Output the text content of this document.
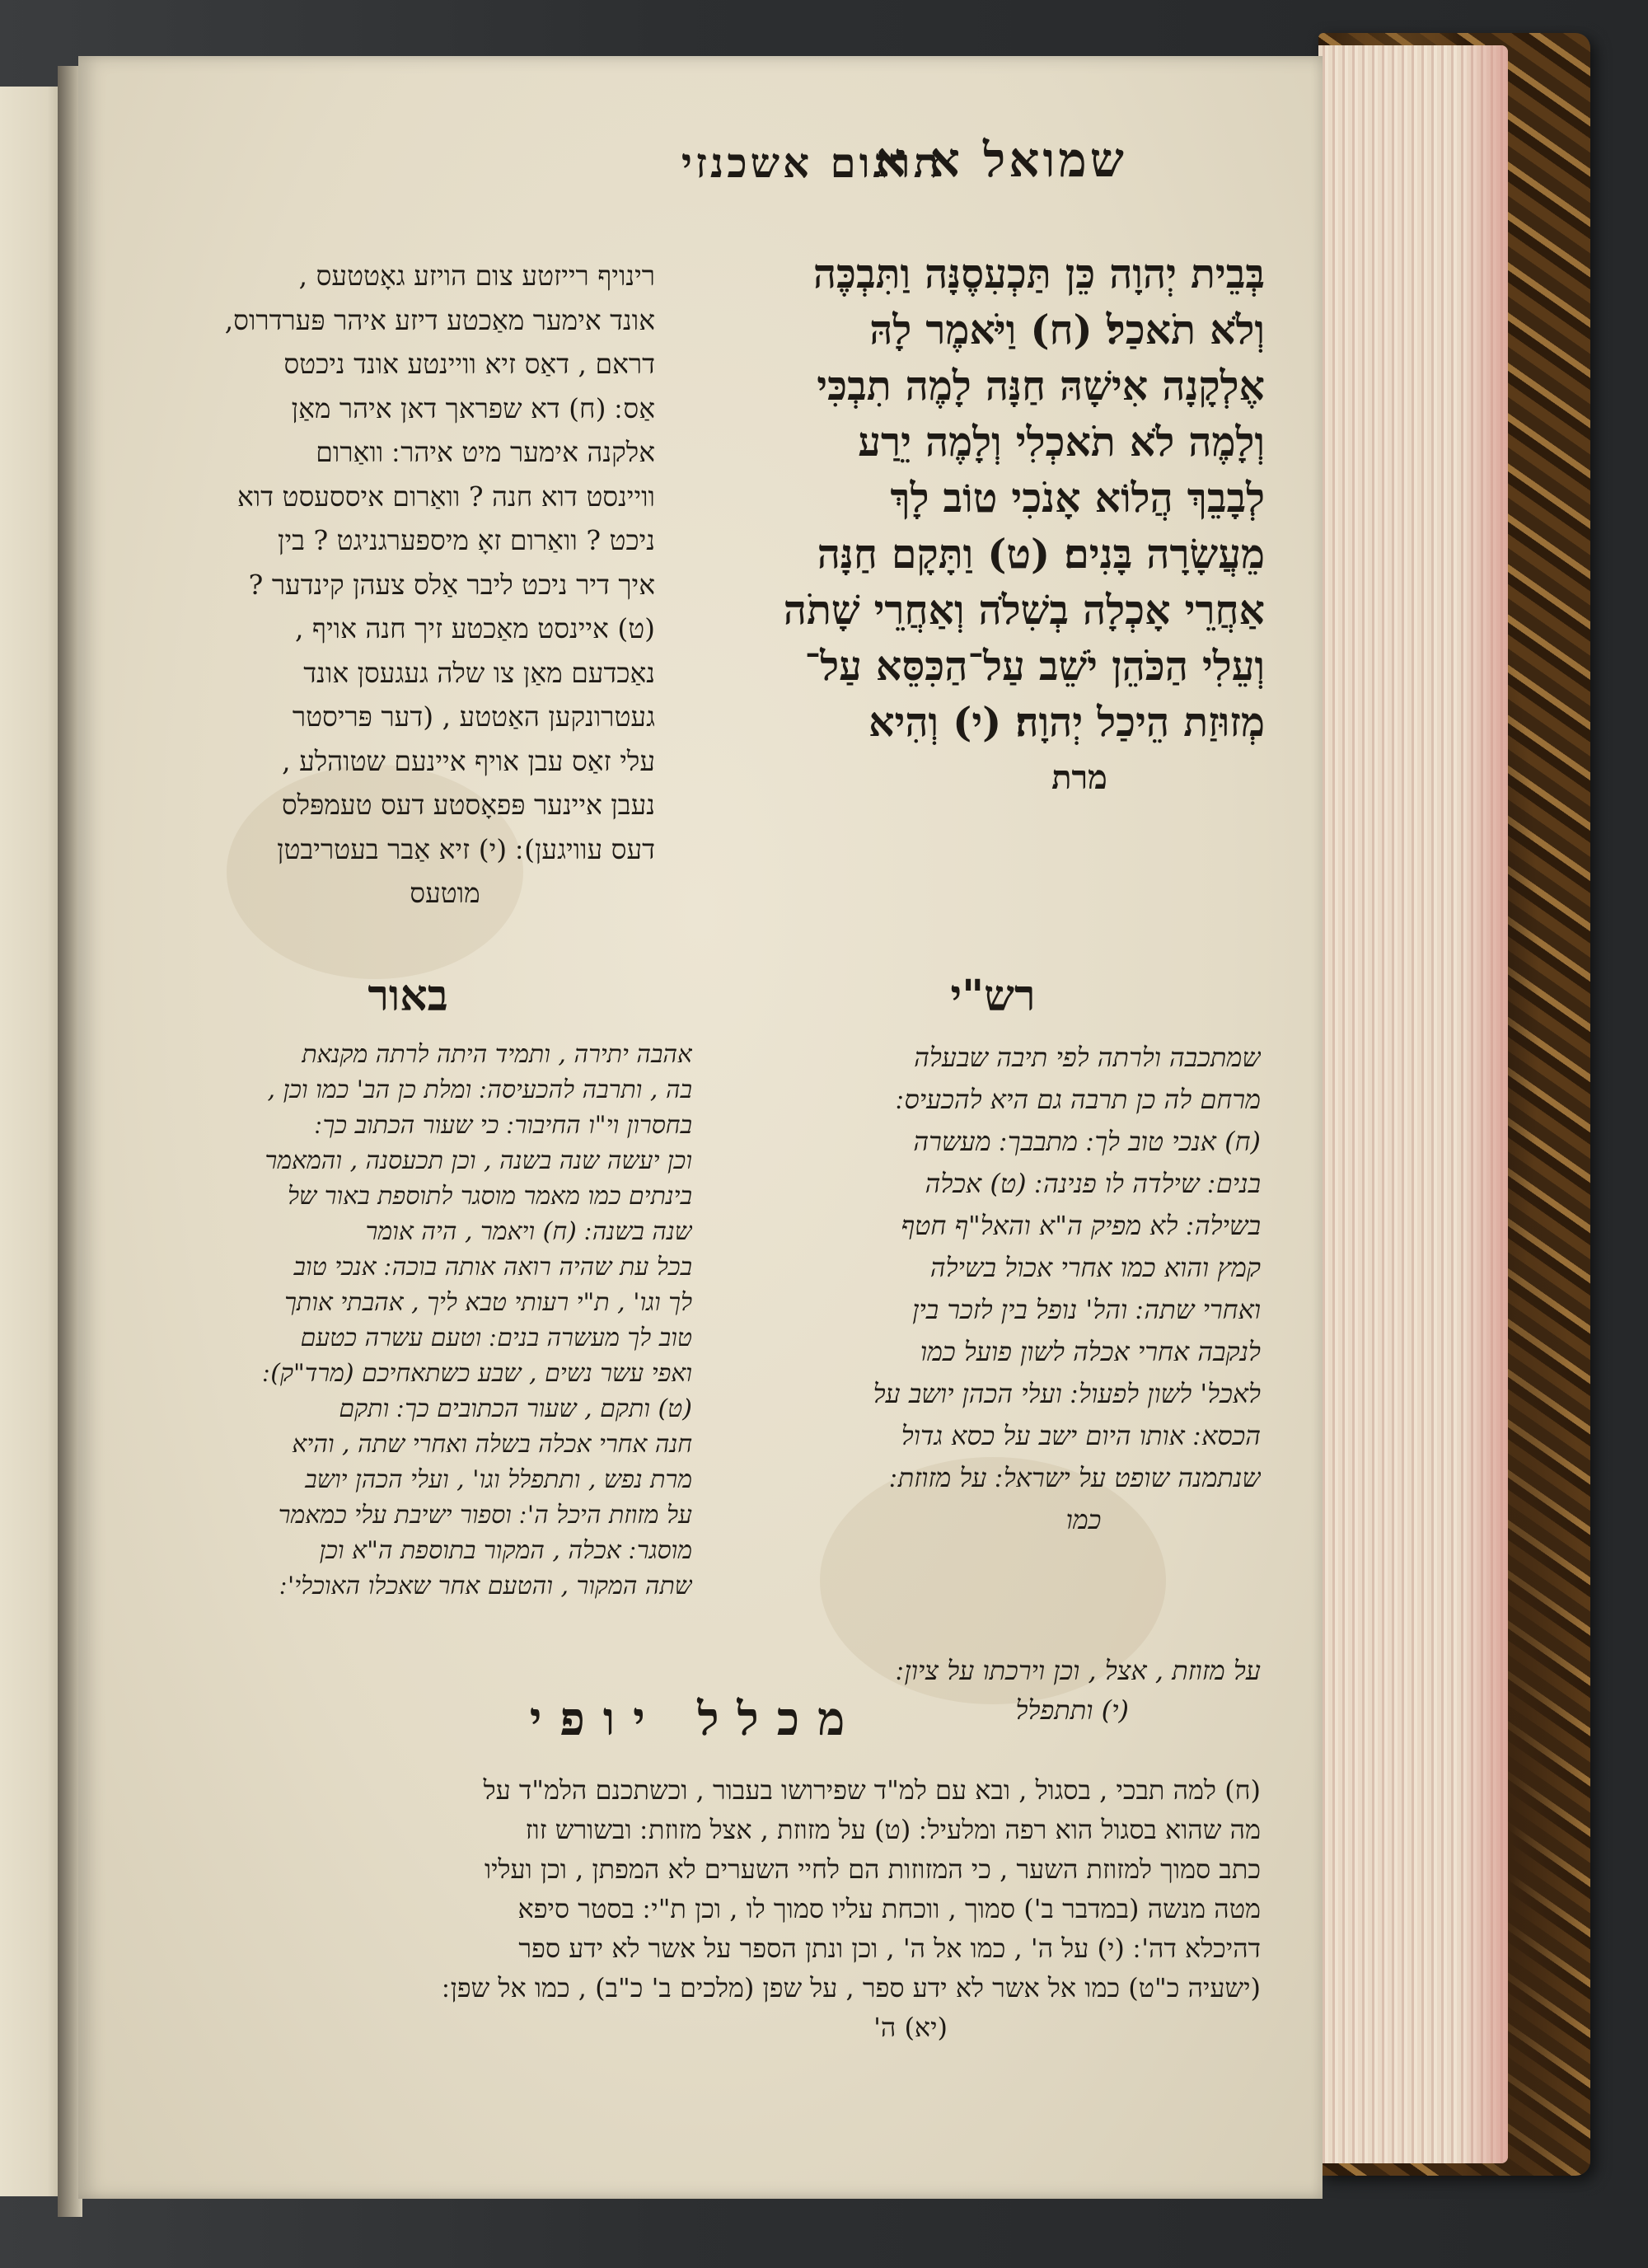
שמואל א א
תרגום אשכנזי
בְּבֵית יְהוָה כֵּן תַּכְעִסֶנָּה וַתִּבְכֶּה
וְלֹא תֹאכַל׃ (ח) וַיֹּאמֶר לָהּ
אֶלְקָנָה אִישָׁהּ חַנָּה לָמֶה תִבְכִּי
וְלָמֶה לֹא תֹאכְלִי וְלָמֶה יֵרַע
לְבָבֵךְ הֲלוֹא אָנֹכִי טוֹב לָךְ
מֵעֲשָׂרָה בָּנִים׃ (ט) וַתָּקָם חַנָּה
אַחֲרֵי אָכְלָה בְשִׁלֹה וְאַחֲרֵי שָׁתֹה
וְעֵלִי הַכֹּהֵן יֹשֵׁב עַל־הַכִּסֵּא עַל־
מְזוּזַת הֵיכַל יְהוָה׃ (י) וְהִיא
מרת
רינויף רייזטע צום הויזע גאָטטעס ,
אונד אימער מאַכטע דיזע איהר פּערדרוס,
דראם , דאַס זיא וויינטע אונד ניכטס
אַס ׃ (ח) דא שפראך דאן איהר מאַן
אלקנה אימער מיט איהר ׃ וואַרום
וויינסט דוא חנה ? וואַרום איססעסט דוא
ניכט ? וואַרום זאָ מיספערגניגט ? בין
איך דיר ניכט ליבר אַלס צעהן קינדער ?
(ט) איינסט מאַכטע זיך חנה אויף ,
נאַכדעם מאַן צו שלה געגעסן אונד
געטרונקען האַטטע , (דער פּריסטר
עלי זאַס עבן אויף איינעם שטוהלע ,
נעבן איינער פּפאָסטע דעס טעמפּלס
דעס עוויגען) ׃ (י) זיא אַבר בעטריבטן
מוטעס
רש"י
באור
שמתכבה ולרתה לפי תיבה שבעלה
מרחם לה כן תרבה גם היא להכעיס ׃
(ח) אנכי טוב לך ׃ מתבבך ׃ מעשרה
בנים ׃ שילדה לו פנינה ׃ (ט) אכלה
בשילה ׃ לא מפיק ה"א והאל"ף חטף
קמץ והוא כמו אחרי אכול בשילה
ואחרי שתה ׃ והל' נופל בין לזכר בין
לנקבה אחרי אכלה לשון פועל כמו
לאכל' לשון לפעול ׃ ועלי הכהן יושב על
הכסא ׃ אותו היום ישב על כסא גדול
שנתמנה שופט על ישראל ׃ על מזוזת ׃
כמו
אהבה יתירה , ותמיד היתה לרתה מקנאת
בה , ותרבה להכעיסה ׃ ומלת כן הב' כמו וכן ,
בחסרון וי"ו החיבור ׃ כי שעור הכתוב כך ׃
וכן יעשה שנה בשנה , וכן תכעסנה , והמאמר
בינתים כמו מאמר מוסגר לתוספת באור של
שנה בשנה ׃ (ח) ויאמר , היה אומר
בכל עת שהיה רואה אותה בוכה ׃ אנכי טוב
לך וגו' , ת"י רעותי טבא ליך , אהבתי אותך
טוב לך מעשרה בנים ׃ וטעם עשרה כטעם
ואפי עשר נשים , שבע כשתאחיכם (מרד"ק) ׃
(ט) ותקם , שעור הכתובים כך ׃ ותקם
חנה אחרי אכלה בשלה ואחרי שתה , והיא
מרת נפש , ותתפלל וגו' , ועלי הכהן יושב
על מזוזת היכל ה' ׃ וספור ישיבת עלי כמאמר
מוסגר ׃ אכלה , המקור בתוספת ה"א וכן
שתה המקור , והטעם אחר שאכלו האוכלי' ׃
על מזוזת , אצל , וכן וירכתו על ציון ׃
(י) ותתפלל
מכלל יופי
(ח) למה תבכי , בסגול , ובא עם למ"ד שפירושו בעבור , וכשתכנם הלמ"ד על
מה שהוא בסגול הוא רפה ומלעיל ׃ (ט) על מזוזת , אצל מזוזת ׃ ובשורש זוז
כתב סמוך למזוזת השער , כי המזוזות הם לחיי השערים לא המפתן , וכן ועליו
מטה מנשה (במדבר ב') סמוך , ווכחת עליו סמוך לו , וכן ת"י ׃ בסטר סיפא
דהיכלא דה' ׃ (י) על ה' , כמו אל ה' , וכן ונתן הספר על אשר לא ידע ספר
(ישעיה כ"ט) כמו אל אשר לא ידע ספר , על שפן (מלכים ב' כ"ב) , כמו אל שפן ׃
(יא) ה'
